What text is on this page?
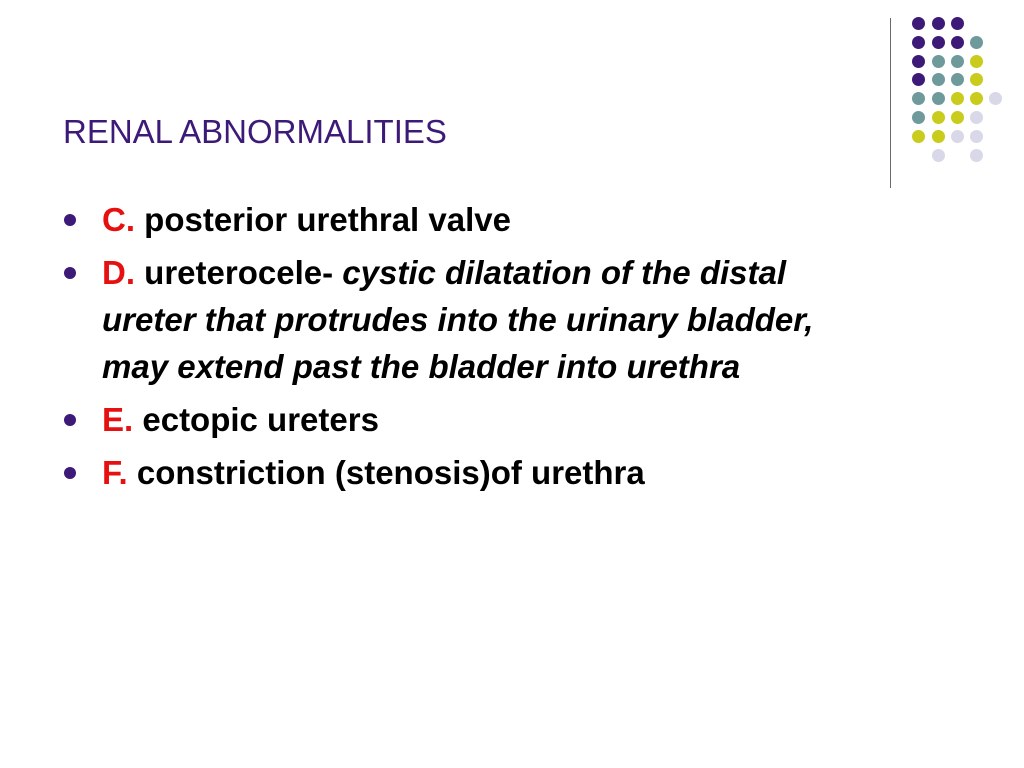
RENAL ABNORMALITIES
C. posterior urethral valve
D. ureterocele- cystic dilatation of the distal ureter that protrudes into the urinary bladder, may extend past the bladder into urethra
E. ectopic ureters
F. constriction (stenosis)of urethra
